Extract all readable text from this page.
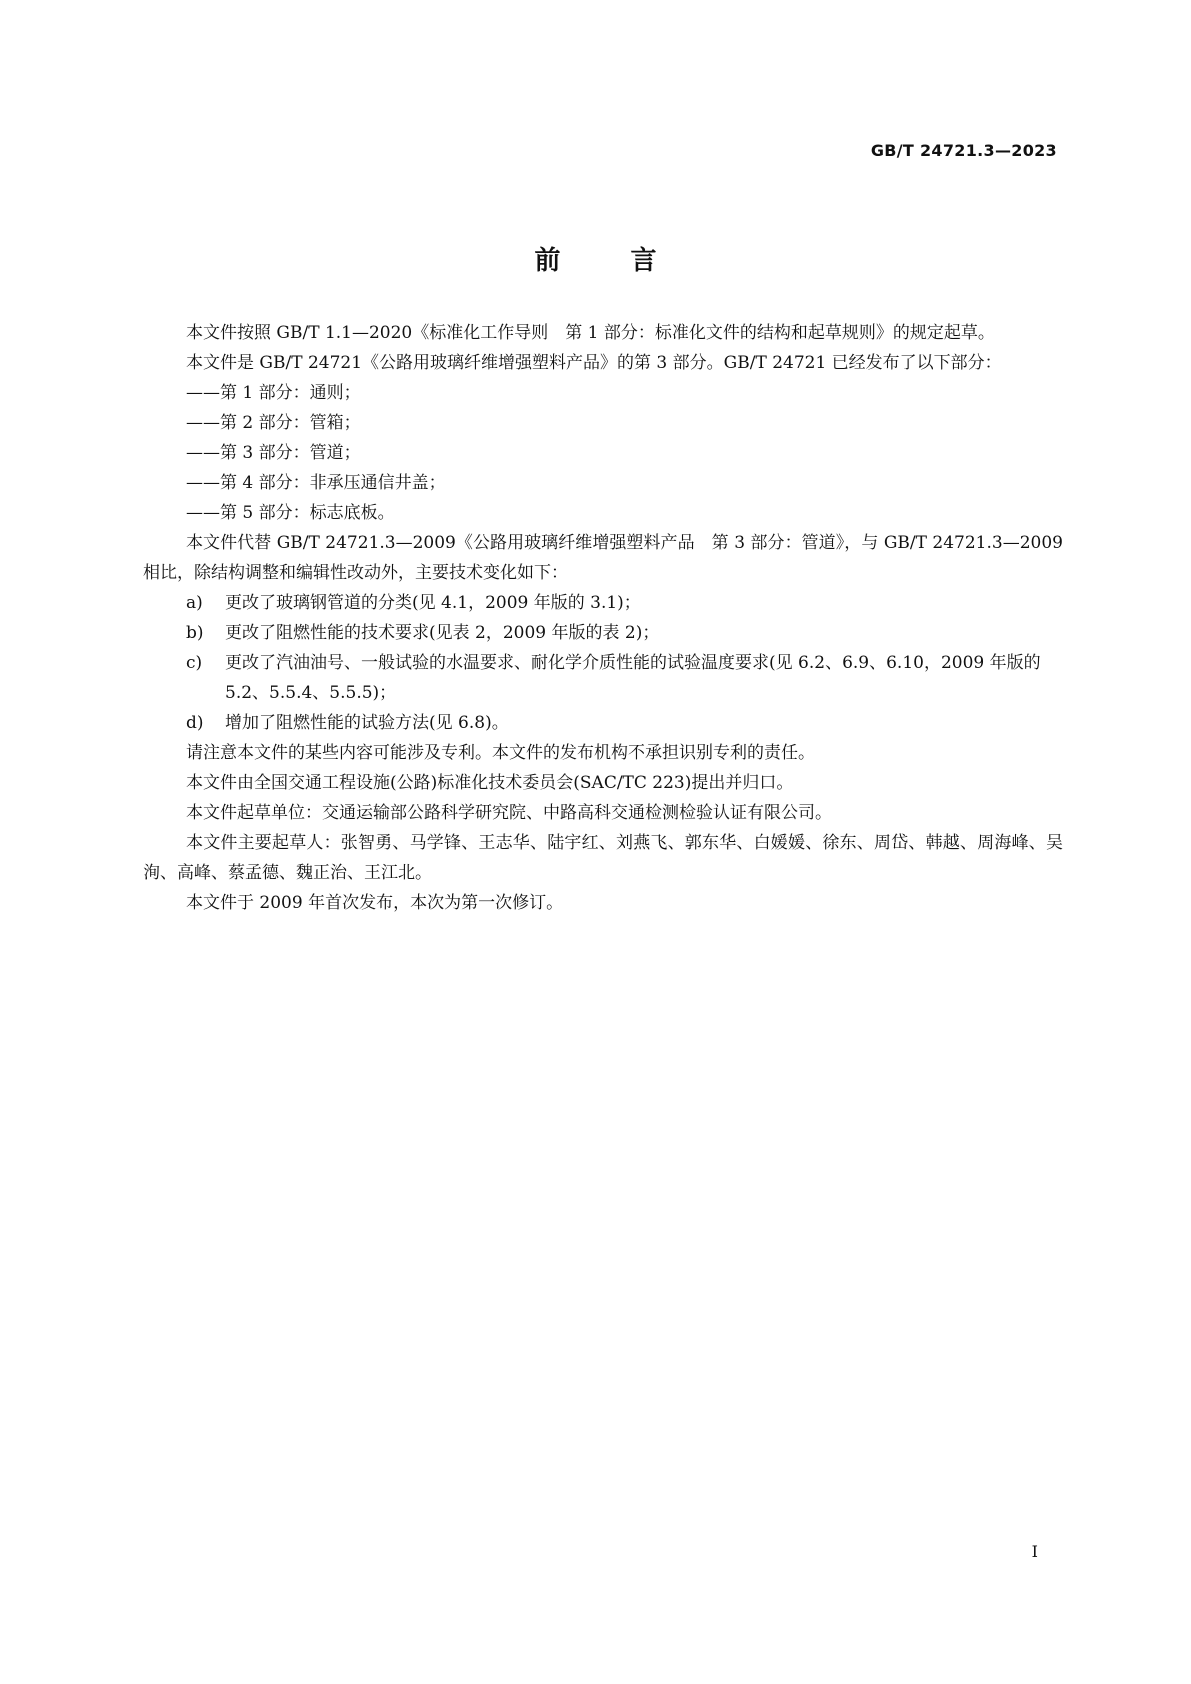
GB/T 24721.3—2023
前言

本文件按照 GB/T 1.1—2020《标准化工作导则　第 1 部分：标准化文件的结构和起草规则》的规定起草。

本文件是 GB/T 24721《公路用玻璃纤维增强塑料产品》的第 3 部分。GB/T 24721 已经发布了以下部分：

——第 1 部分：通则；

——第 2 部分：管箱；

——第 3 部分：管道；

——第 4 部分：非承压通信井盖；

——第 5 部分：标志底板。

本文件代替 GB/T 24721.3—2009《公路用玻璃纤维增强塑料产品　第 3 部分：管道》，与 GB/T 24721.3—2009 相比，除结构调整和编辑性改动外，主要技术变化如下：

a) 更改了玻璃钢管道的分类(见 4.1，2009 年版的 3.1)；

b) 更改了阻燃性能的技术要求(见表 2，2009 年版的表 2)；

c) 更改了汽油油号、一般试验的水温要求、耐化学介质性能的试验温度要求(见 6.2、6.9、6.10，2009 年版的 5.2、5.5.4、5.5.5)；

d) 增加了阻燃性能的试验方法(见 6.8)。

请注意本文件的某些内容可能涉及专利。本文件的发布机构不承担识别专利的责任。

本文件由全国交通工程设施(公路)标准化技术委员会(SAC/TC 223)提出并归口。

本文件起草单位：交通运输部公路科学研究院、中路高科交通检测检验认证有限公司。

本文件主要起草人：张智勇、马学锋、王志华、陆宇红、刘燕飞、郭东华、白媛媛、徐东、周岱、韩越、周海峰、吴洵、高峰、蔡孟德、魏正治、王江北。

本文件于 2009 年首次发布，本次为第一次修订。

I
